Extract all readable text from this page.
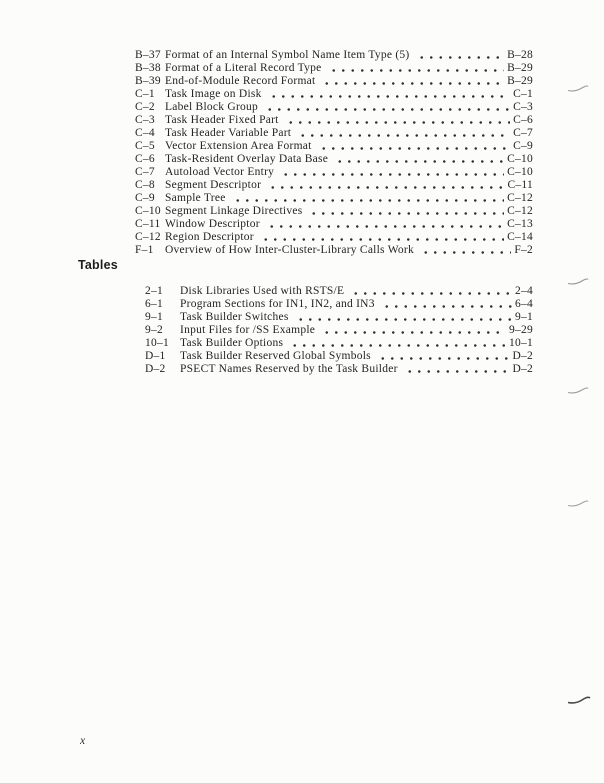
B–37 Format of an Internal Symbol Name Item Type (5)	B–28
B–38 Format of a Literal Record Type	B–29
B–39 End-of-Module Record Format	B–29
C–1 Task Image on Disk	C–1
C–2 Label Block Group	C–3
C–3 Task Header Fixed Part	C–6
C–4 Task Header Variable Part	C–7
C–5 Vector Extension Area Format	C–9
C–6 Task-Resident Overlay Data Base	C–10
C–7 Autoload Vector Entry	C–10
C–8 Segment Descriptor	C–11
C–9 Sample Tree	C–12
C–10 Segment Linkage Directives	C–12
C–11 Window Descriptor	C–13
C–12 Region Descriptor	C–14
F–1 Overview of How Inter-Cluster-Library Calls Work	F–2
Tables
2–1	Disk Libraries Used with RSTS/E	2–4
6–1	Program Sections for IN1, IN2, and IN3	6–4
9–1	Task Builder Switches	9–1
9–2	Input Files for /SS Example	9–29
10–1 Task Builder Options	10–1
D–1	Task Builder Reserved Global Symbols	D–2
D–2	PSECT Names Reserved by the Task Builder	D–2
x
